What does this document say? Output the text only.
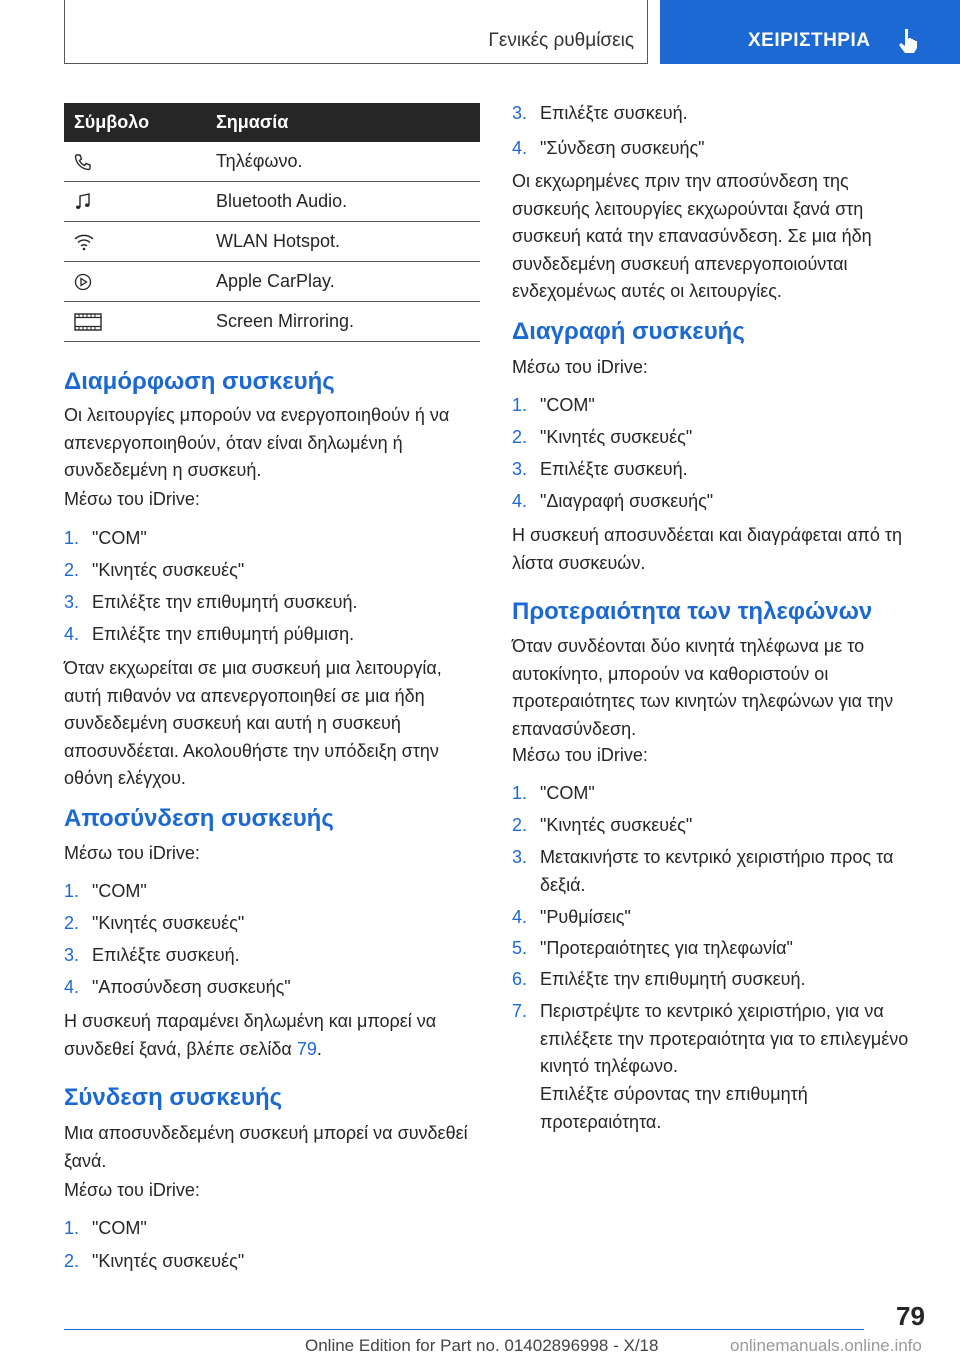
Γενικές ρυθμίσεις	ΧΕΙΡΙΣΤΗΡΙΑ
Σύμβολο	Σημασία

	Τηλέφωνο.

	Bluetooth Audio.

	WLAN Hotspot.

	Apple CarPlay.

	Screen Mirroring.
Διαμόρφωση συσκευής
Οι λειτουργίες μπορούν να ενεργοποιηθούν ή να απενεργοποιηθούν, όταν είναι δηλωμένη ή συνδεδεμένη η συσκευή.
Μέσω του iDrive:
1. "COM"
2. "Κινητές συσκευές"
3. Επιλέξτε την επιθυμητή συσκευή.
4. Επιλέξτε την επιθυμητή ρύθμιση.
Όταν εκχωρείται σε μια συσκευή μια λειτουργία, αυτή πιθανόν να απενεργοποιηθεί σε μια ήδη συνδεδεμένη συσκευή και αυτή η συσκευή αποσυνδέεται. Ακολουθήστε την υπόδειξη στην οθόνη ελέγχου.
Αποσύνδεση συσκευής
Μέσω του iDrive:
1. "COM"
2. "Κινητές συσκευές"
3. Επιλέξτε συσκευή.
4. "Αποσύνδεση συσκευής"
Η συσκευή παραμένει δηλωμένη και μπορεί να συνδεθεί ξανά, βλέπε σελίδα 79.
Σύνδεση συσκευής
Μια αποσυνδεδεμένη συσκευή μπορεί να συνδεθεί ξανά.
Μέσω του iDrive:
1. "COM"
2. "Κινητές συσκευές"
3. Επιλέξτε συσκευή.
4. "Σύνδεση συσκευής"
Οι εκχωρημένες πριν την αποσύνδεση της συσκευής λειτουργίες εκχωρούνται ξανά στη συσκευή κατά την επανασύνδεση. Σε μια ήδη συνδεδεμένη συσκευή απενεργοποιούνται ενδεχομένως αυτές οι λειτουργίες.
Διαγραφή συσκευής
Μέσω του iDrive:
1. "COM"
2. "Κινητές συσκευές"
3. Επιλέξτε συσκευή.
4. "Διαγραφή συσκευής"
Η συσκευή αποσυνδέεται και διαγράφεται από τη λίστα συσκευών.
Προτεραιότητα των τηλεφώνων
Όταν συνδέονται δύο κινητά τηλέφωνα με το αυτοκίνητο, μπορούν να καθοριστούν οι προτεραιότητες των κινητών τηλεφώνων για την επανασύνδεση.
Μέσω του iDrive:
1. "COM"
2. "Κινητές συσκευές"
3. Μετακινήστε το κεντρικό χειριστήριο προς τα δεξιά.
4. "Ρυθμίσεις"
5. "Προτεραιότητες για τηλεφωνία"
6. Επιλέξτε την επιθυμητή συσκευή.
7. Περιστρέψτε το κεντρικό χειριστήριο, για να επιλέξετε την προτεραιότητα για το επιλεγμένο κινητό τηλέφωνο.
Επιλέξτε σύροντας την επιθυμητή προτεραιότητα.
79
Online Edition for Part no. 01402896998 - X/18	onlinemanuals.online.info
